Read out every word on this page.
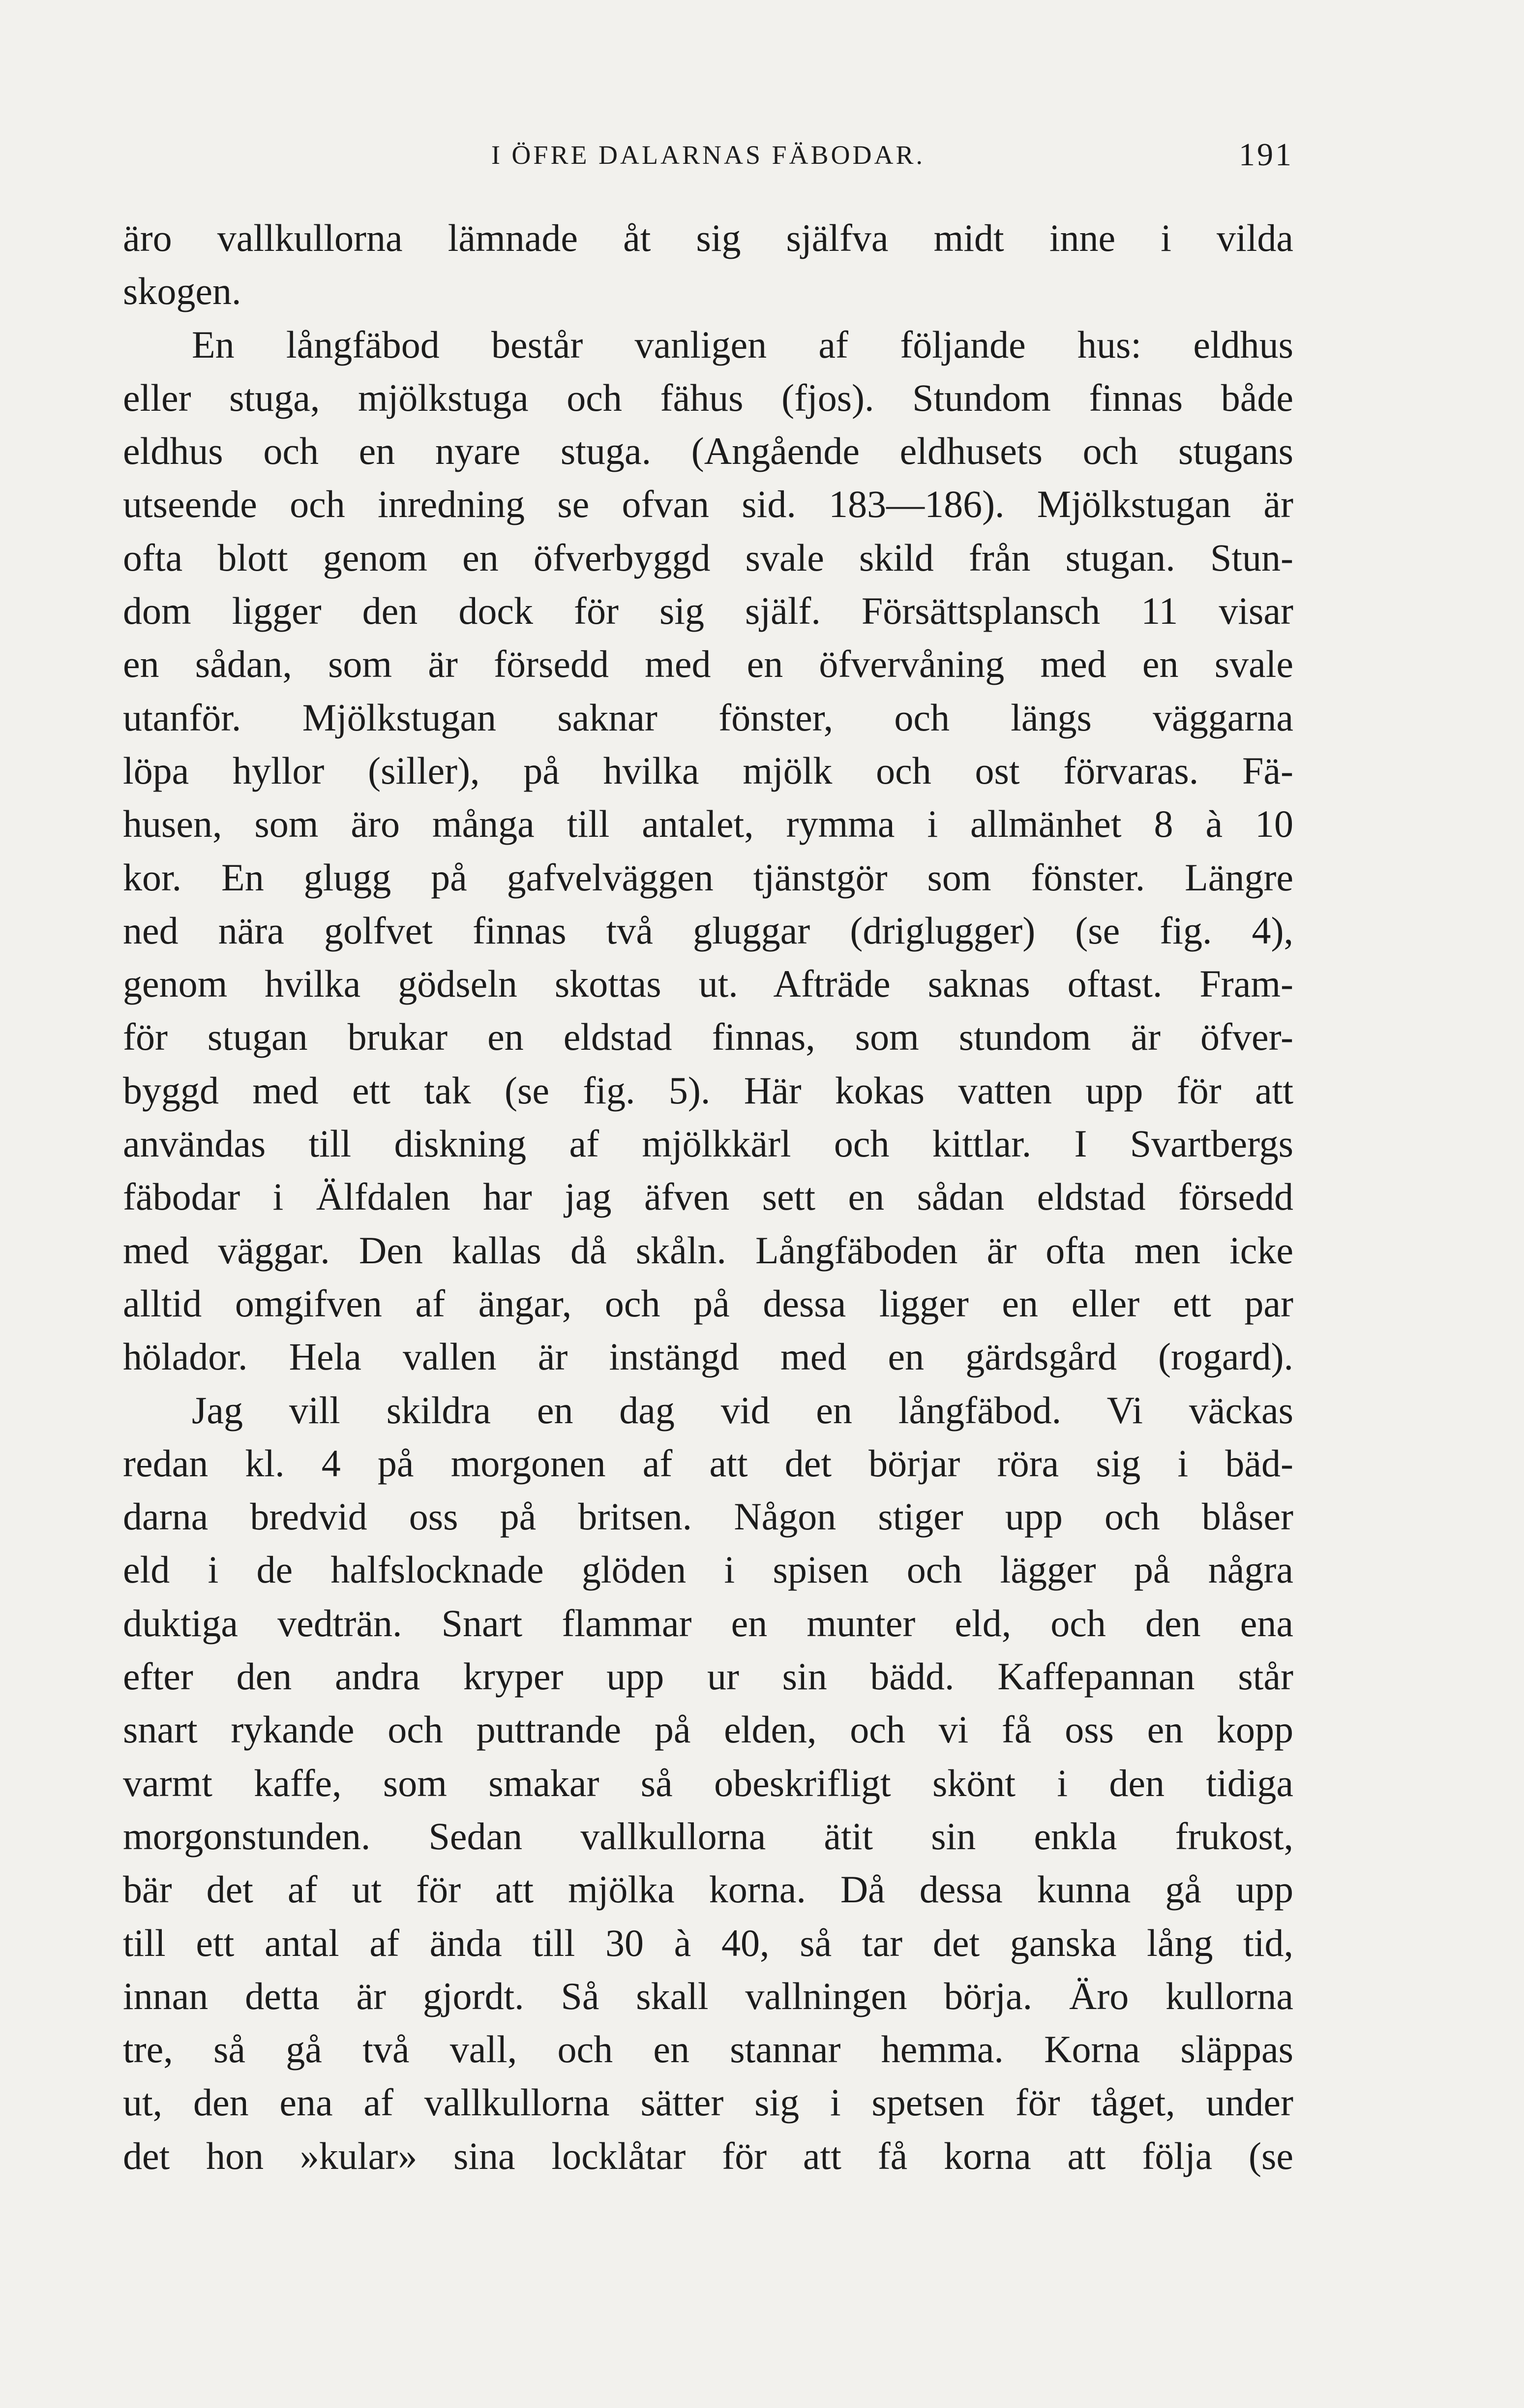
I ÖFRE DALARNAS FÄBODAR.	191
äro vallkullorna lämnade åt sig själfva midt inne i vilda
skogen.
En långfäbod består vanligen af följande hus: eldhus
eller stuga, mjölkstuga och fähus (fjos). Stundom finnas både
eldhus och en nyare stuga. (Angående eldhusets och stugans
utseende och inredning se ofvan sid. 183—186). Mjölkstugan är
ofta blott genom en öfverbyggd svale skild från stugan. Stun-
dom ligger den dock för sig själf. Försättsplansch 11 visar
en sådan, som är försedd med en öfvervåning med en svale
utanför. Mjölkstugan saknar fönster, och längs väggarna
löpa hyllor (siller), på hvilka mjölk och ost förvaras. Fä-
husen, som äro många till antalet, rymma i allmänhet 8 à 10
kor. En glugg på gafvelväggen tjänstgör som fönster. Längre
ned nära golfvet finnas två gluggar (driglugger) (se fig. 4),
genom hvilka gödseln skottas ut. Afträde saknas oftast. Fram-
för stugan brukar en eldstad finnas, som stundom är öfver-
byggd med ett tak (se fig. 5). Här kokas vatten upp för att
användas till diskning af mjölkkärl och kittlar. I Svartbergs
fäbodar i Älfdalen har jag äfven sett en sådan eldstad försedd
med väggar. Den kallas då skåln. Långfäboden är ofta men icke
alltid omgifven af ängar, och på dessa ligger en eller ett par
hölador. Hela vallen är instängd med en gärdsgård (rogard).
Jag vill skildra en dag vid en långfäbod. Vi väckas
redan kl. 4 på morgonen af att det börjar röra sig i bäd-
darna bredvid oss på britsen. Någon stiger upp och blåser
eld i de halfslocknade glöden i spisen och lägger på några
duktiga vedträn. Snart flammar en munter eld, och den ena
efter den andra kryper upp ur sin bädd. Kaffepannan står
snart rykande och puttrande på elden, och vi få oss en kopp
varmt kaffe, som smakar så obeskrifligt skönt i den tidiga
morgonstunden. Sedan vallkullorna ätit sin enkla frukost,
bär det af ut för att mjölka korna. Då dessa kunna gå upp
till ett antal af ända till 30 à 40, så tar det ganska lång tid,
innan detta är gjordt. Så skall vallningen börja. Äro kullorna
tre, så gå två vall, och en stannar hemma. Korna släppas
ut, den ena af vallkullorna sätter sig i spetsen för tåget, under
det hon »kular» sina locklåtar för att få korna att följa (se
